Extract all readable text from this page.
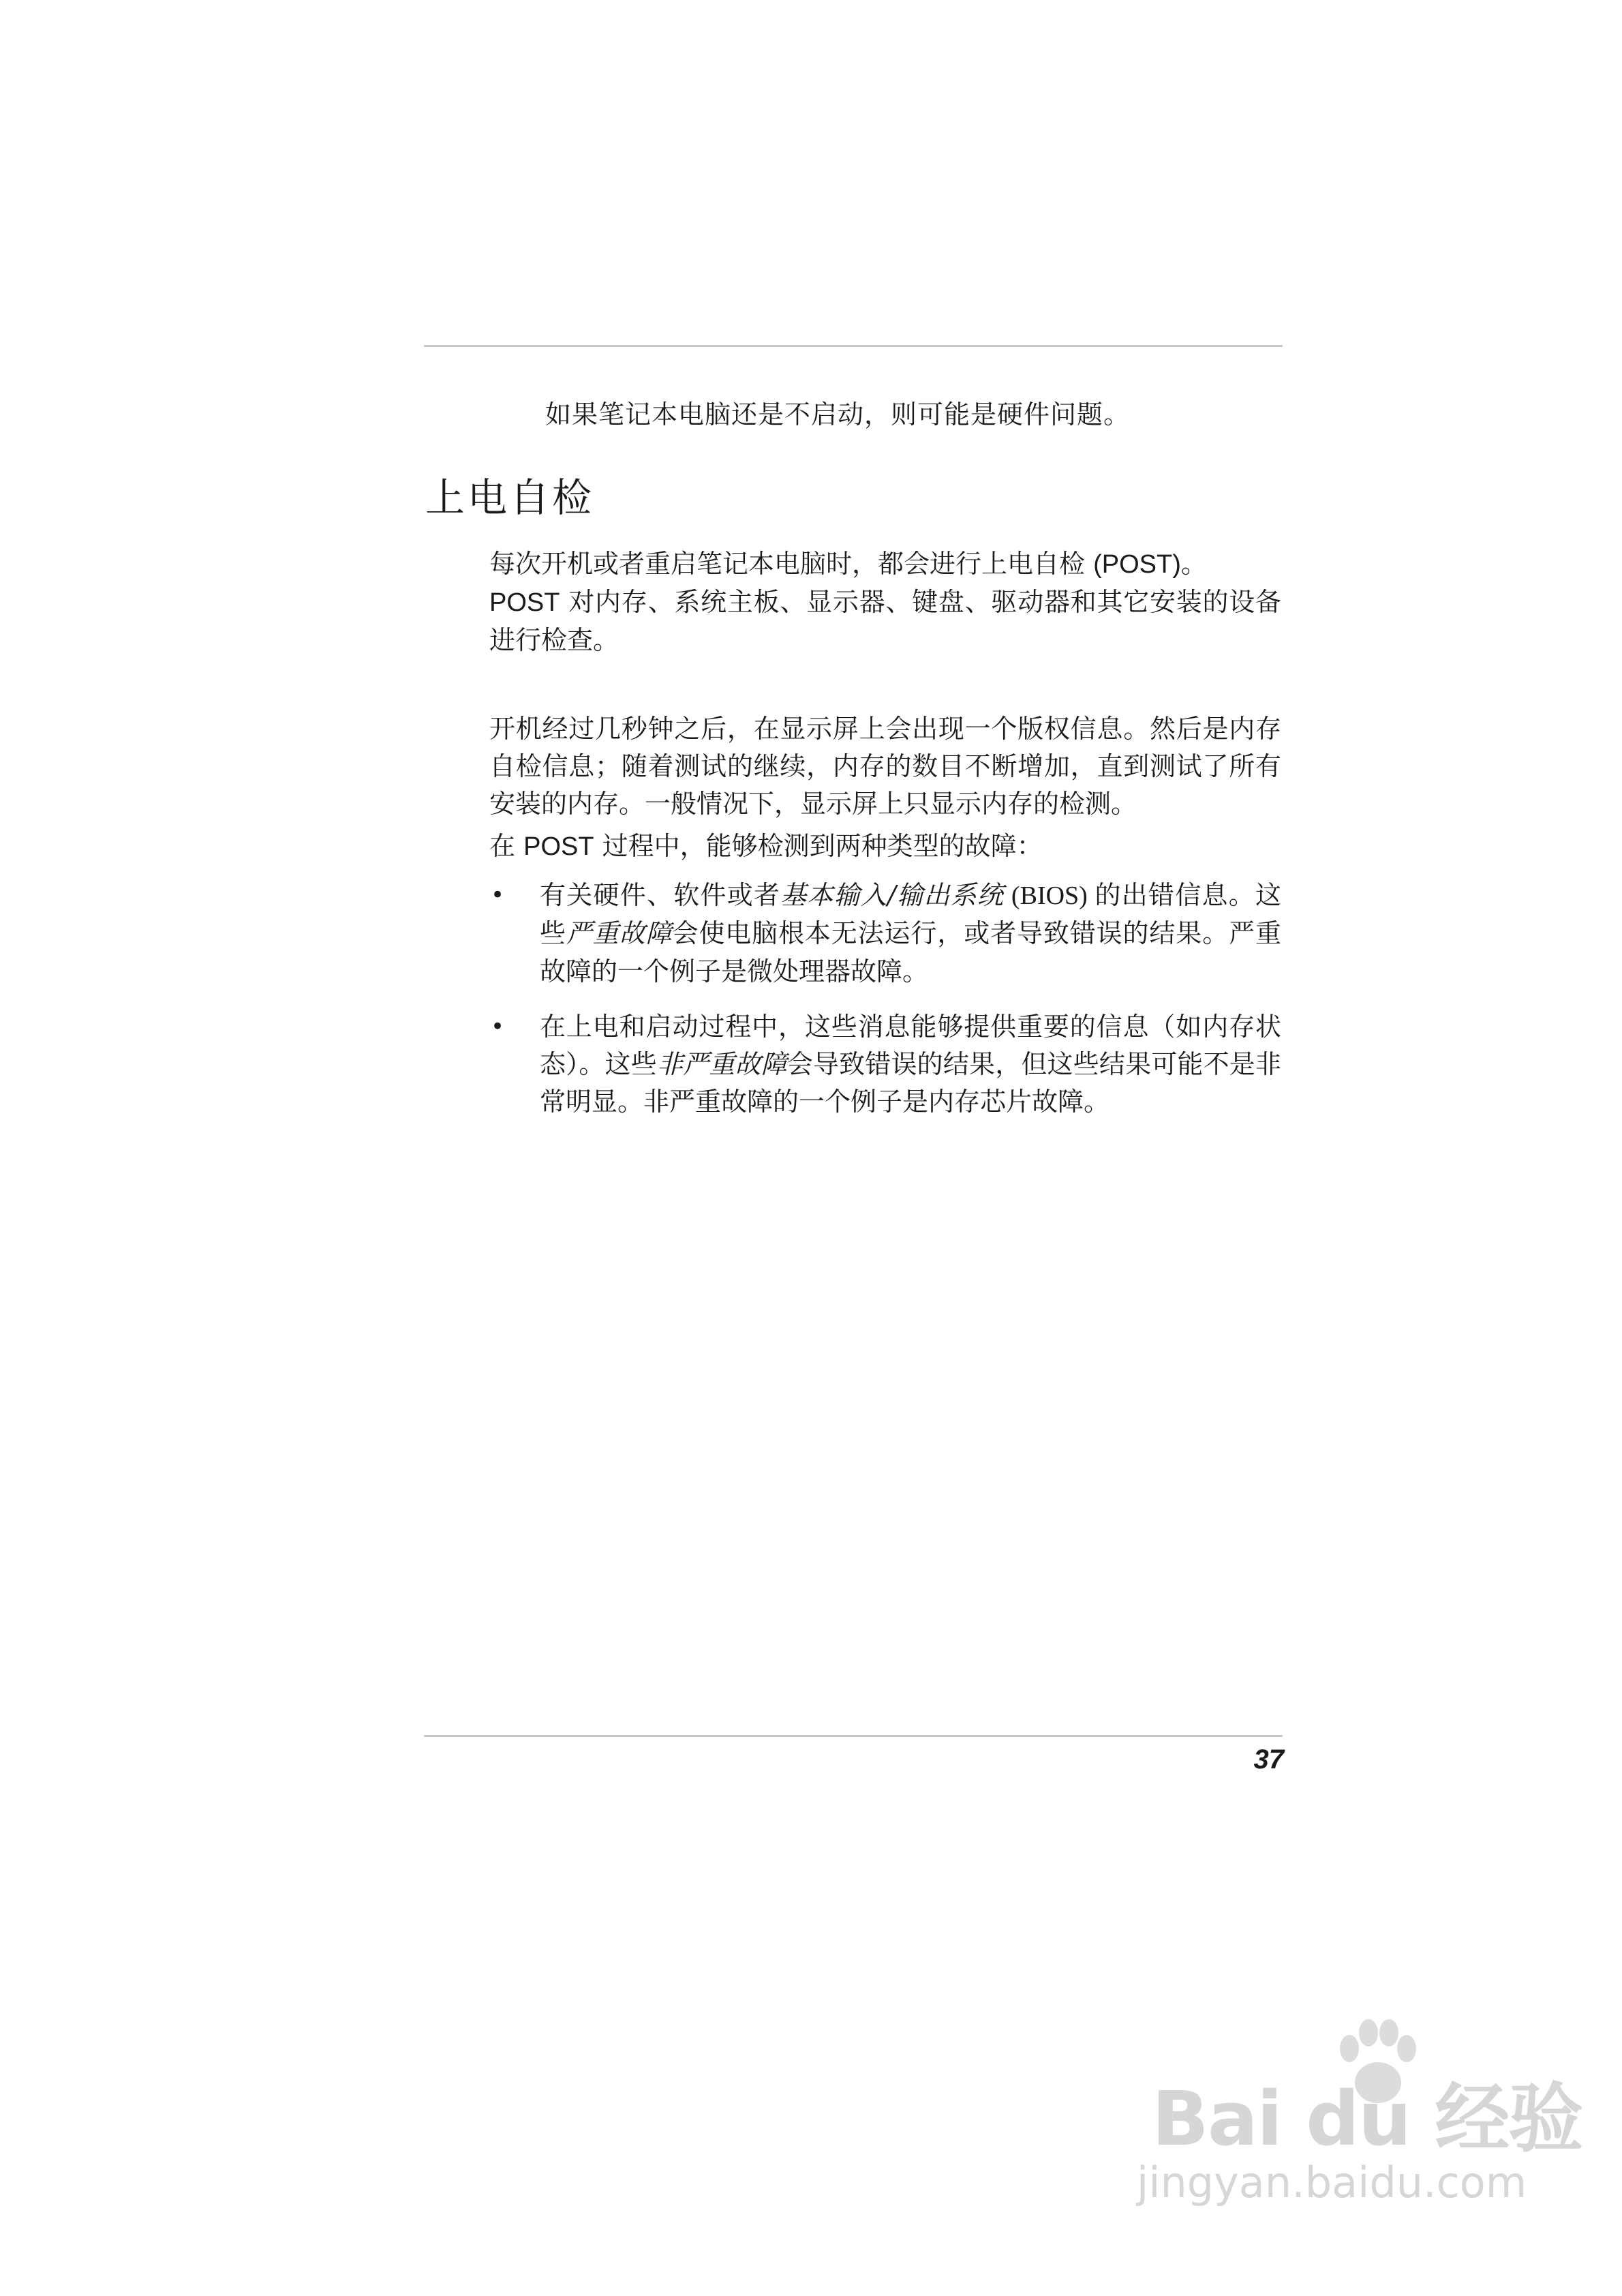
如果笔记本电脑还是不启动，则可能是硬件问题。

上电自检

每次开机或者重启笔记本电脑时，都会进行上电自检 (POST)。
POST 对内存、系统主板、显示器、键盘、驱动器和其它安装的设备进行检查。

开机经过几秒钟之后，在显示屏上会出现一个版权信息。然后是内存自检信息；随着测试的继续，内存的数目不断增加，直到测试了所有安装的内存。一般情况下，显示屏上只显示内存的检测。

在 POST 过程中，能够检测到两种类型的故障：

• 有关硬件、软件或者基本输入/输出系统 (BIOS) 的出错信息。这些严重故障会使电脑根本无法运行，或者导致错误的结果。严重故障的一个例子是微处理器故障。
• 在上电和启动过程中，这些消息能够提供重要的信息（如内存状态）。这些非严重故障会导致错误的结果，但这些结果可能不是非常明显。非严重故障的一个例子是内存芯片故障。

37

Bai du 经验
jingyan.baidu.com
